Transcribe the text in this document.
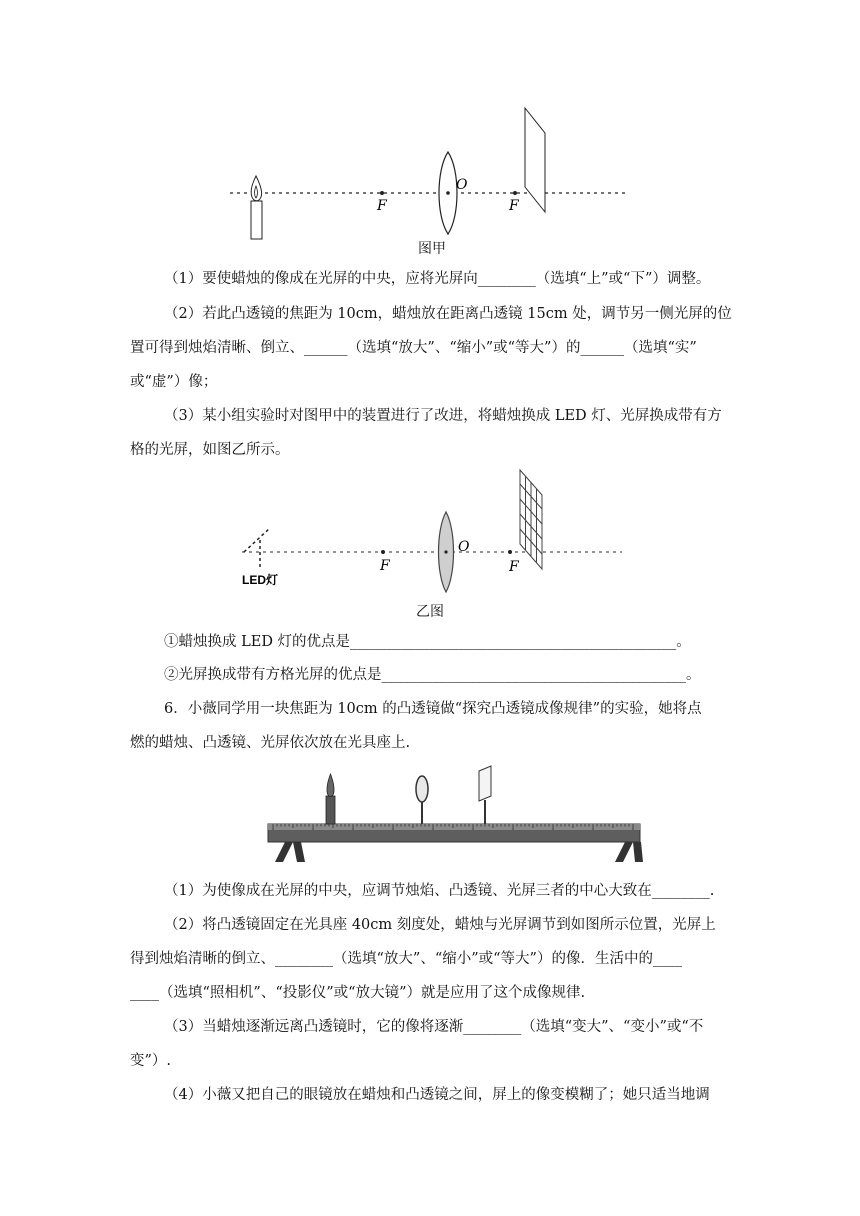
F
O
F
图甲
（1）要使蜡烛的像成在光屏的中央，应将光屏向________（选填“上”或“下”）调整。
（2）若此凸透镜的焦距为 10cm，蜡烛放在距离凸透镜 15cm 处，调节另一侧光屏的位
置可得到烛焰清晰、倒立、______（选填“放大”、“缩小”或“等大”）的______（选填“实”
或“虚”）像；
（3）某小组实验时对图甲中的装置进行了改进，将蜡烛换成 LED 灯、光屏换成带有方
格的光屏，如图乙所示。
LED灯
F
O
F
乙图
①蜡烛换成 LED 灯的优点是_____________________________________________。
②光屏换成带有方格光屏的优点是__________________________________________。
6．小薇同学用一块焦距为 10cm 的凸透镜做“探究凸透镜成像规律”的实验，她将点
燃的蜡烛、凸透镜、光屏依次放在光具座上.
（1）为使像成在光屏的中央，应调节烛焰、凸透镜、光屏三者的中心大致在________.
（2）将凸透镜固定在光具座 40cm 刻度处，蜡烛与光屏调节到如图所示位置，光屏上
得到烛焰清晰的倒立、________（选填“放大”、“缩小”或“等大”）的像．生活中的____
____（选填“照相机”、“投影仪”或“放大镜”）就是应用了这个成像规律.
（3）当蜡烛逐渐远离凸透镜时，它的像将逐渐________（选填“变大”、“变小”或“不
变”）.
（4）小薇又把自己的眼镜放在蜡烛和凸透镜之间，屏上的像变模糊了；她只适当地调
